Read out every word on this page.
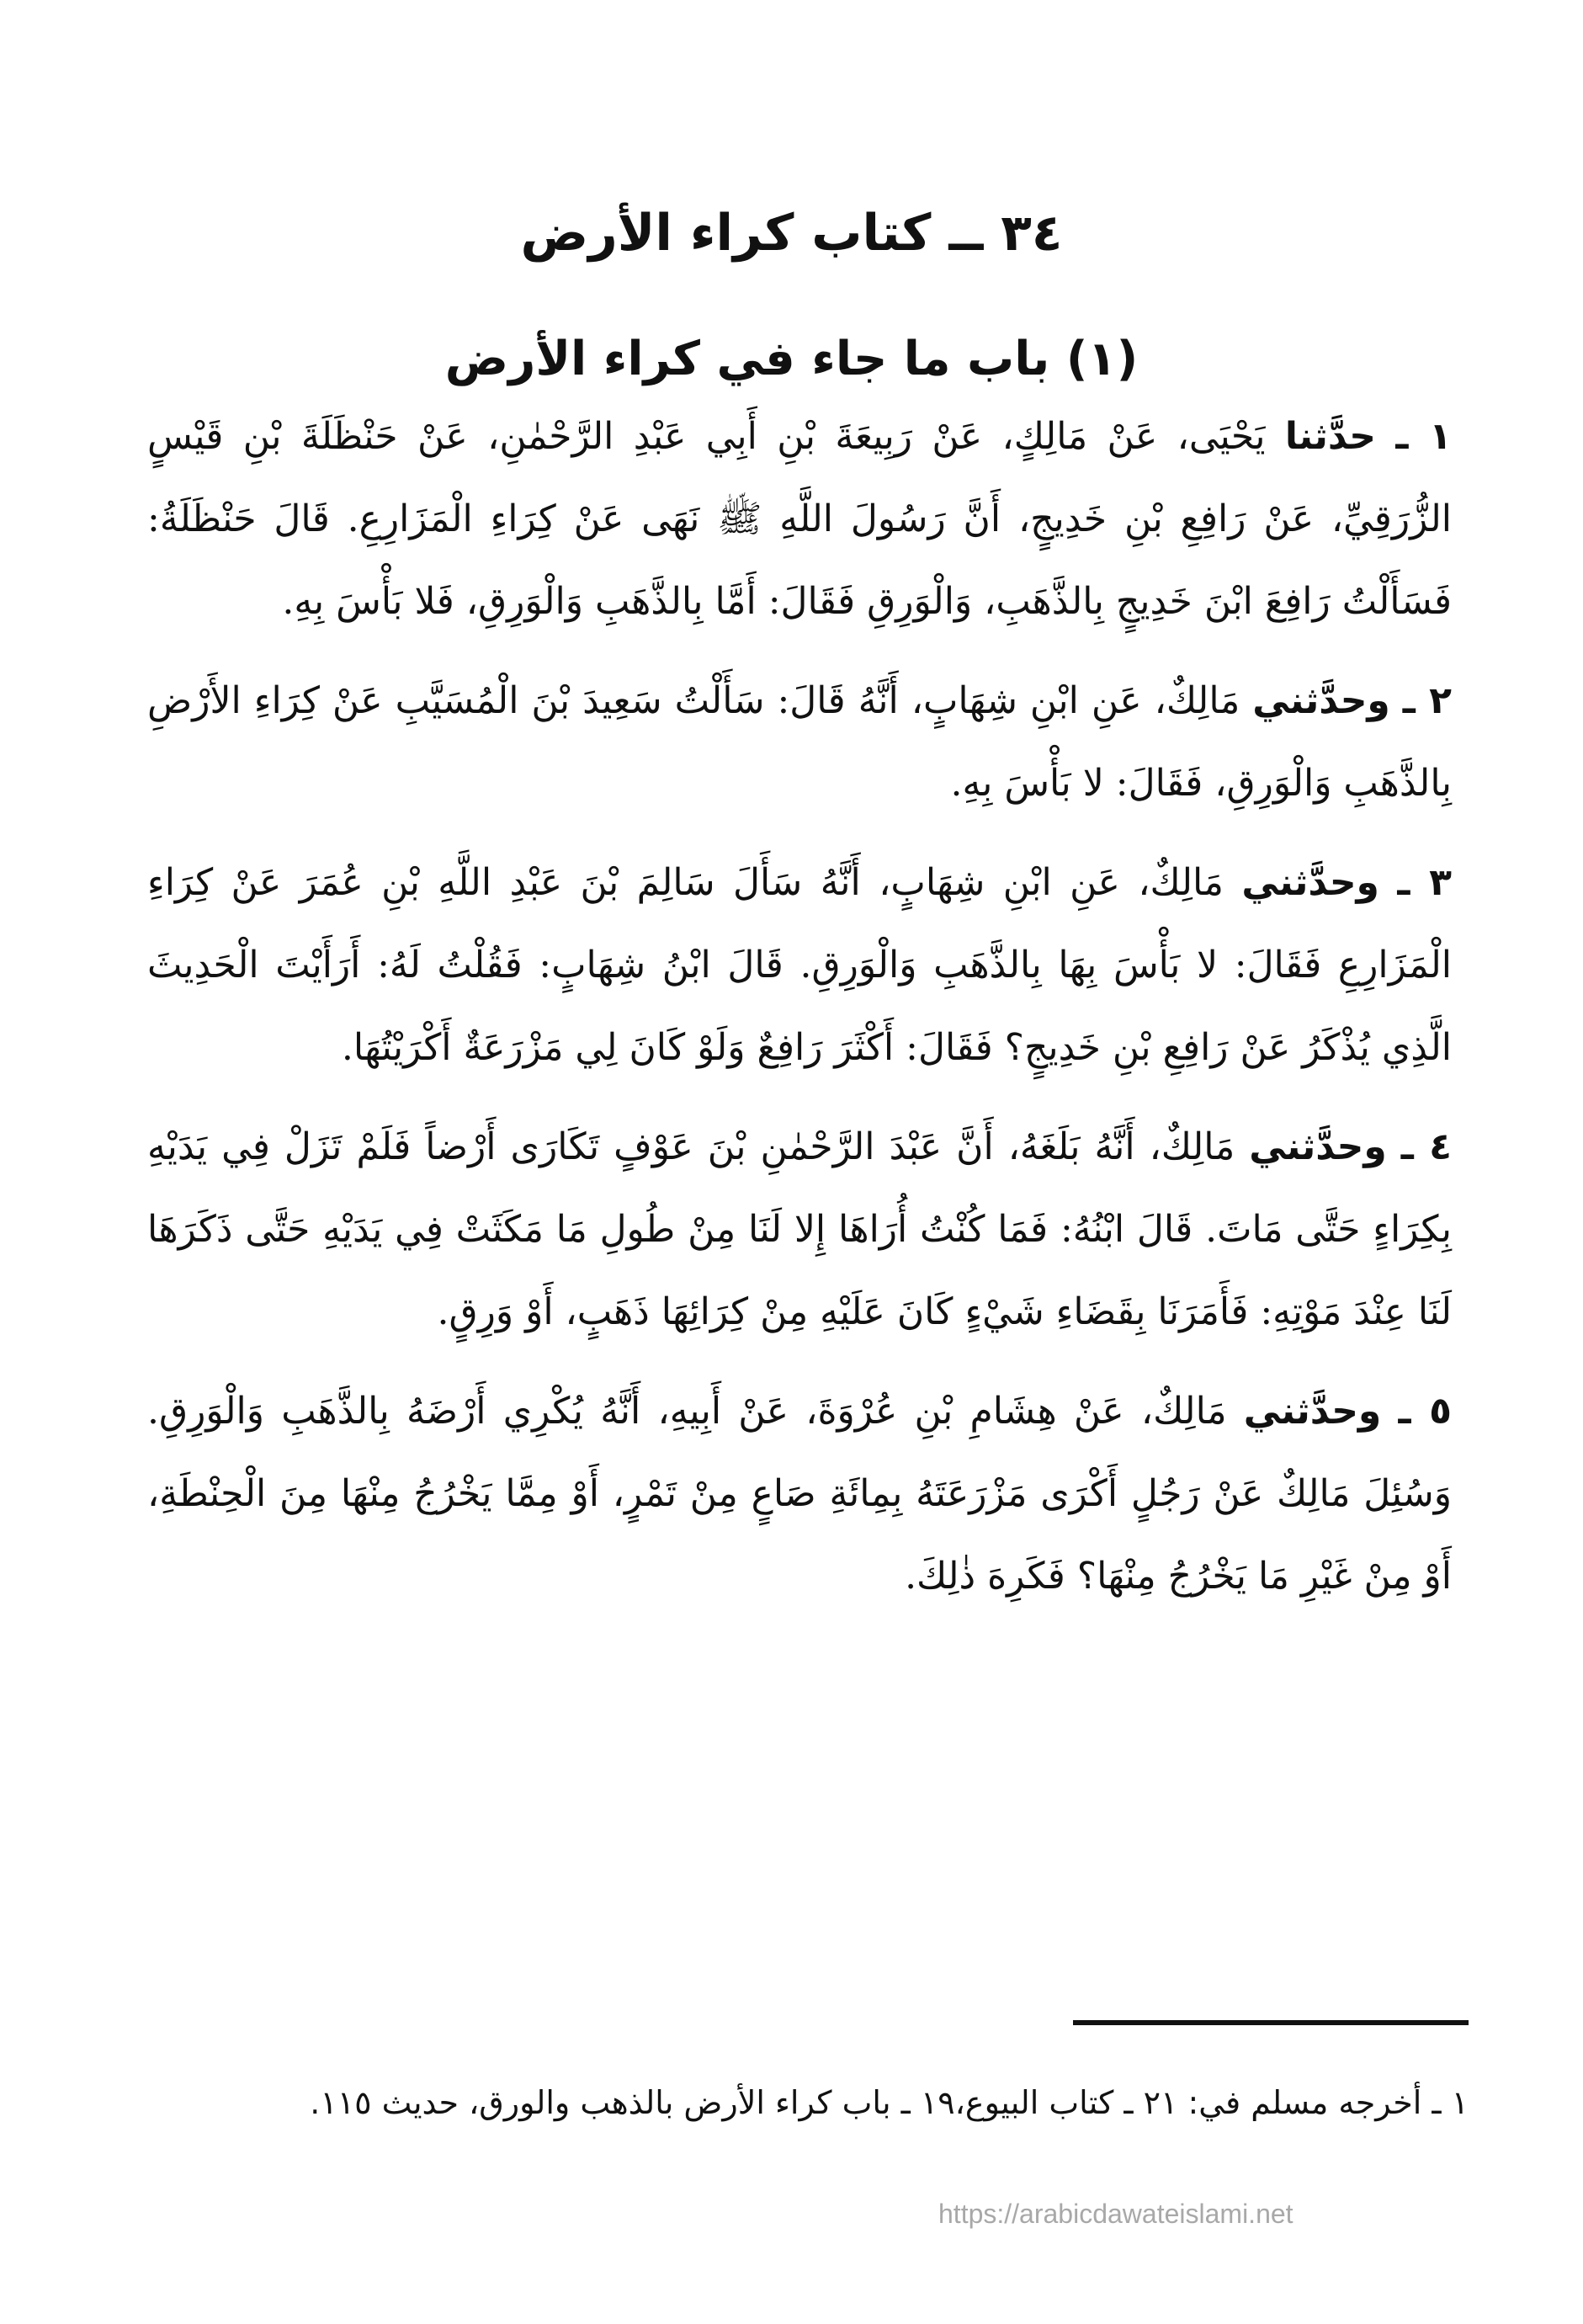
٣٤ ــ كتاب كراء الأرض
(١) باب ما جاء في كراء الأرض

١ ـ حدَّثنا يَحْيَى، عَنْ مَالِكٍ، عَنْ رَبِيعَةَ بْنِ أَبِي عَبْدِ الرَّحْمٰنِ، عَنْ حَنْظَلَةَ بْنِ قَيْسٍ الزُّرَقِيِّ، عَنْ رَافِعِ بْنِ خَدِيجٍ، أَنَّ رَسُولَ اللَّهِ ﷺ نَهَى عَنْ كِرَاءِ الْمَزَارِعِ. قَالَ حَنْظَلَةُ: فَسَأَلْتُ رَافِعَ ابْنَ خَدِيجٍ بِالذَّهَبِ، وَالْوَرِقِ فَقَالَ: أَمَّا بِالذَّهَبِ وَالْوَرِقِ، فَلا بَأْسَ بِهِ.

٢ ـ وحدَّثني مَالِكٌ، عَنِ ابْنِ شِهَابٍ، أَنَّهُ قَالَ: سَأَلْتُ سَعِيدَ بْنَ الْمُسَيَّبِ عَنْ كِرَاءِ الأَرْضِ بِالذَّهَبِ وَالْوَرِقِ، فَقَالَ: لا بَأْسَ بِهِ.

٣ ـ وحدَّثني مَالِكٌ، عَنِ ابْنِ شِهَابٍ، أَنَّهُ سَأَلَ سَالِمَ بْنَ عَبْدِ اللَّهِ بْنِ عُمَرَ عَنْ كِرَاءِ الْمَزَارِعِ فَقَالَ: لا بَأْسَ بِهَا بِالذَّهَبِ وَالْوَرِقِ. قَالَ ابْنُ شِهَابٍ: فَقُلْتُ لَهُ: أَرَأَيْتَ الْحَدِيثَ الَّذِي يُذْكَرُ عَنْ رَافِعِ بْنِ خَدِيجٍ؟ فَقَالَ: أَكْثَرَ رَافِعٌ وَلَوْ كَانَ لِي مَزْرَعَةٌ أَكْرَيْتُهَا.

٤ ـ وحدَّثني مَالِكٌ، أَنَّهُ بَلَغَهُ، أَنَّ عَبْدَ الرَّحْمٰنِ بْنَ عَوْفٍ تَكَارَى أَرْضاً فَلَمْ تَزَلْ فِي يَدَيْهِ بِكِرَاءٍ حَتَّى مَاتَ. قَالَ ابْنُهُ: فَمَا كُنْتُ أُرَاهَا إِلا لَنَا مِنْ طُولِ مَا مَكَثَتْ فِي يَدَيْهِ حَتَّى ذَكَرَهَا لَنَا عِنْدَ مَوْتِهِ: فَأَمَرَنَا بِقَضَاءِ شَيْءٍ كَانَ عَلَيْهِ مِنْ كِرَائِهَا ذَهَبٍ، أَوْ وَرِقٍ.

٥ ـ وحدَّثني مَالِكٌ، عَنْ هِشَامِ بْنِ عُرْوَةَ، عَنْ أَبِيهِ، أَنَّهُ يُكْرِي أَرْضَهُ بِالذَّهَبِ وَالْوَرِقِ. وَسُئِلَ مَالِكٌ عَنْ رَجُلٍ أَكْرَى مَزْرَعَتَهُ بِمِائَةِ صَاعٍ مِنْ تَمْرٍ، أَوْ مِمَّا يَخْرُجُ مِنْهَا مِنَ الْحِنْطَةِ، أَوْ مِنْ غَيْرِ مَا يَخْرُجُ مِنْهَا؟ فَكَرِهَ ذٰلِكَ.

١ ـ أخرجه مسلم في: ٢١ ـ كتاب البيوع،١٩ ـ باب كراء الأرض بالذهب والورق، حديث ١١٥.

https://arabicdawateislami.net
